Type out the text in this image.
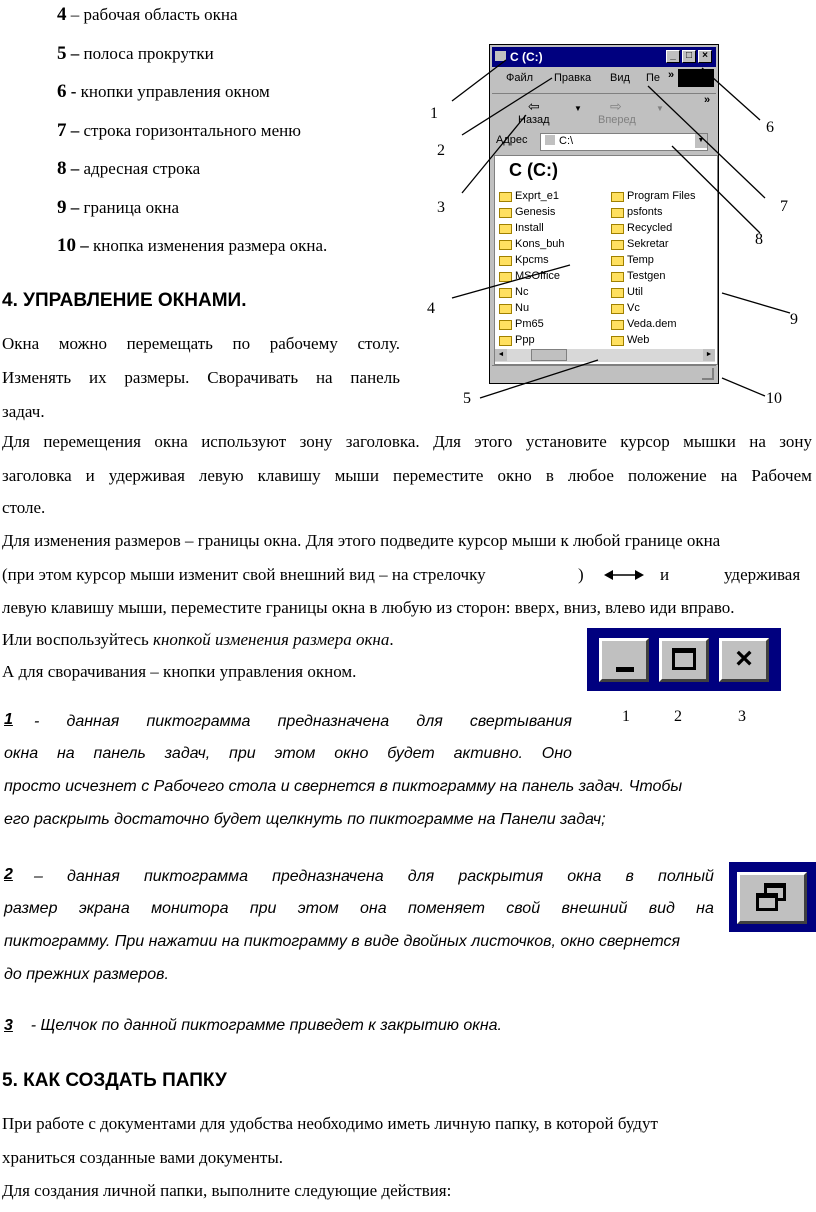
4 – рабочая область окна
5 – полоса прокрутки
6 - кнопки управления окном
7 – строка горизонтального меню
8 – адресная строка
9 – граница окна
10 – кнопка изменения размера окна.
C (C:)	_	□	×
Файл Правка Вид Пе »
⇦
Назад
▼ ⇨
Вперед
▼
»
Адрес	C:\	▼
C (C:)
Exprt_e1
Genesis
Install
Kons_buh
Kpcms
MSOffice
Nc
Nu
Pm65
Ppp
Program Files
psfonts
Recycled
Sekretar
Temp
Testgen
Util
Vc
Veda.dem
Web
◄	►
1
2
3
4
5
6
7
8
9
10
4. УПРАВЛЕНИЕ ОКНАМИ.
Окна можно перемещать по рабочему столу.
Изменять их размеры. Сворачивать на панель
задач.
Для перемещения окна используют зону заголовка. Для этого установите курсор мышки на зону
заголовка и удерживая левую клавишу мыши переместите окно в любое положение на Рабочем
столе.
Для изменения размеров – границы окна. Для этого подведите курсор мыши к любой границе окна
(при этом курсор мыши изменит свой внешний вид – на стрелочку	)	и	удерживая
левую клавишу мыши, переместите границы окна в любую из сторон: вверх, вниз, влево иди вправо.
Или воспользуйтесь кнопкой изменения размера окна.
А для сворачивания – кнопки управления окном.	×
1	2	3
1 - данная пиктограмма предназначена для свертывания
окна на панель задач, при этом окно будет активно. Оно
просто исчезнет с Рабочего стола и свернется в пиктограмму на панель задач. Чтобы
его раскрыть достаточно будет щелкнуть по пиктограмме на Панели задач;
2 – данная пиктограмма предназначена для раскрытия окна в полный
размер экрана монитора при этом она поменяет свой внешний вид на
пиктограмму. При нажатии на пиктограмму в виде двойных листочков, окно свернется
до прежних размеров.
3 - Щелчок по данной пиктограмме приведет к закрытию окна.
5. КАК СОЗДАТЬ ПАПКУ
При работе с документами для удобства необходимо иметь личную папку, в которой будут
храниться созданные вами документы.
Для создания личной папки, выполните следующие действия:
